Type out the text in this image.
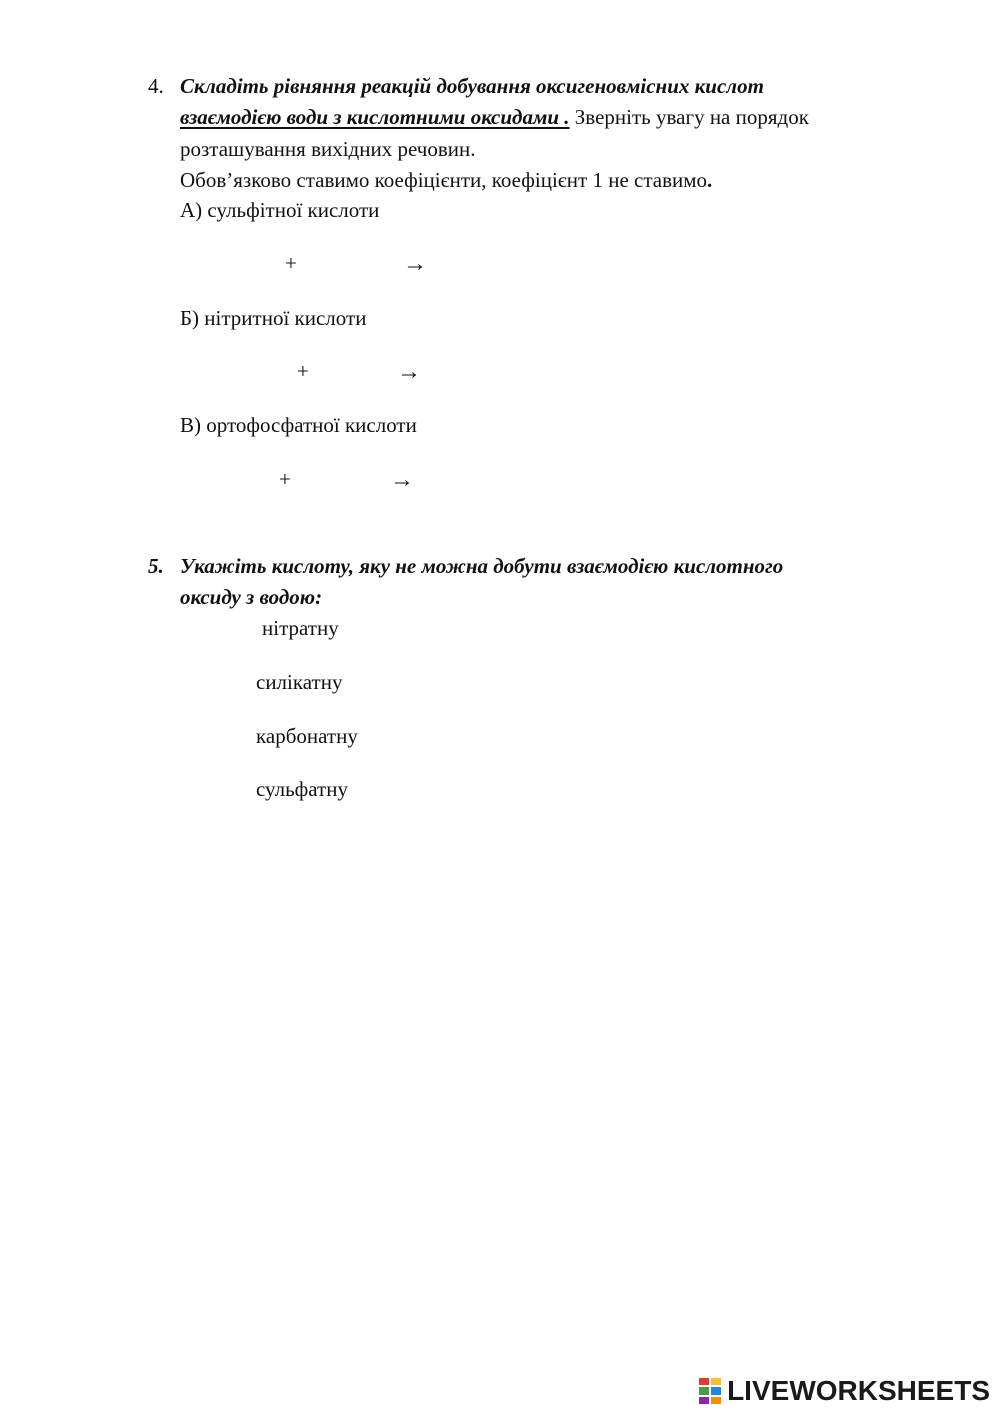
4. Складіть рівняння реакцій добування оксигеновмісних кислот
взаємодією води з кислотними оксидами . Зверніть увагу на порядок
розташування вихідних речовин.
Обов’язково ставимо коефіцієнти, коефіцієнт 1 не ставимо.
А) сульфітної кислоти
+	→
Б) нітритної кислоти
+	→
В) ортофосфатної кислоти
+	→
5. Укажіть кислоту, яку не можна добути взаємодією кислотного
оксиду з водою:
нітратну
силікатну
карбонатну
сульфатну
LIVEWORKSHEETS
